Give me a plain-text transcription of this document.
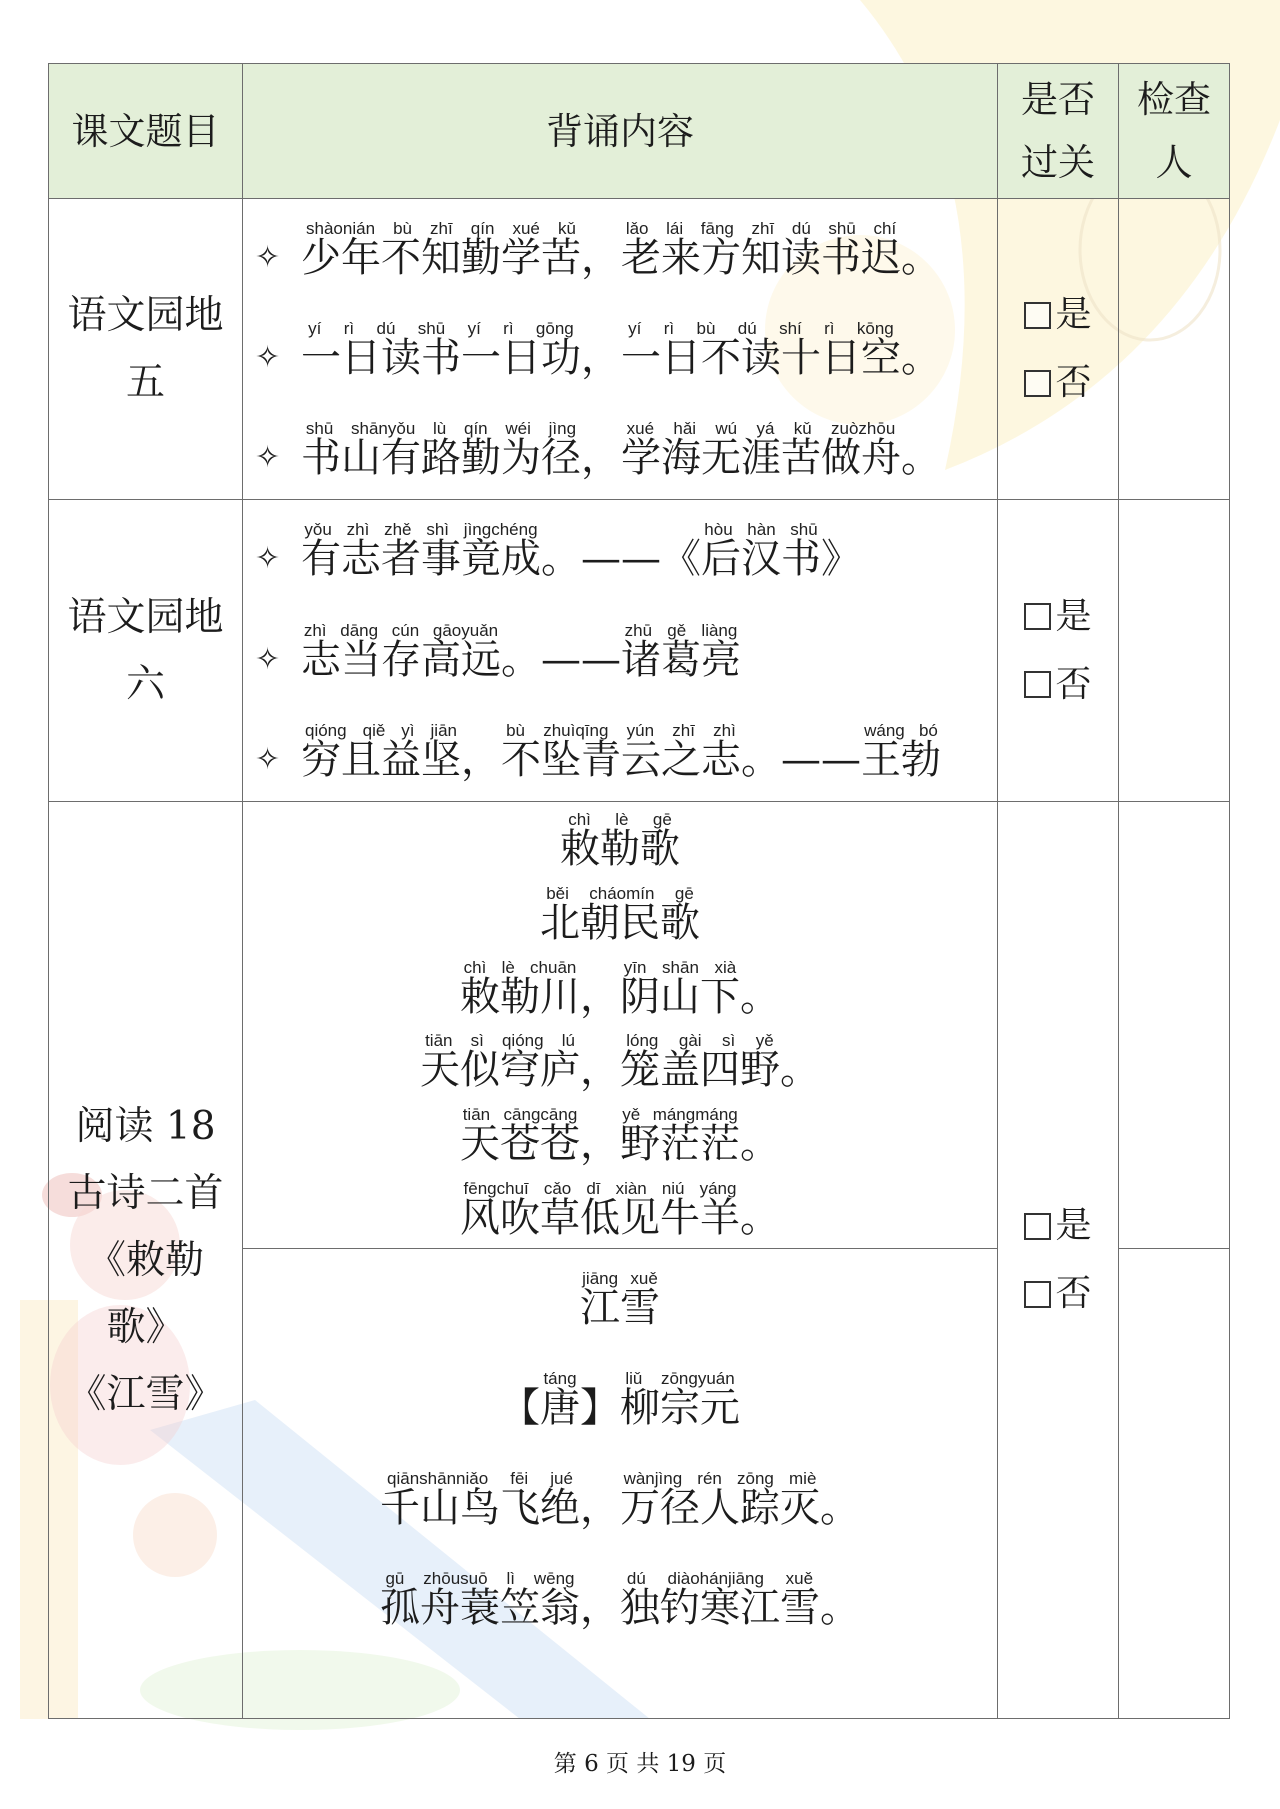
课文题目	背诵内容
是否
过关
检查
人
语文园地
五
✧
shàonián bù zhī qín xué kǔ
少年不知勤学苦 ，
lǎo lái fāng zhī dú shū chí
老来方知读书迟 。
✧
yí rì dú shū yí rì gōng
一日读书一日功 ，
yí rì bù dú shí rì kōng
一日不读十日空 。
✧
shū shānyǒu lù qín wéi jìng
书山有路勤为径 ，
xué hǎi wú yá kǔ zuòzhōu
学海无涯苦做舟 。
是
否
语文园地
六
✧
yǒu zhì zhě shì jìngchéng
有志者事竟成 。——《
hòu hàn shū
后汉书 》
✧
zhì dāng cún gāoyuǎn
志当存高远 。——
zhū gě liàng
诸葛亮
✧
qióng qiě yì jiān
穷且益坚 ，
bù zhuìqīng yún zhī zhì
不坠青云之志 。——
wáng bó
王勃
是
否
阅读 18
古诗二首
《敕勒
歌》
《江雪》
chì lè gē
敕勒歌
běi cháomín gē
北朝民歌
chì lè chuān
敕勒川 ，
yīn shān xià
阴山下 。
tiān sì qióng lú
天似穹庐 ，
lóng gài sì yě
笼盖四野 。
tiān cāngcāng
天苍苍 ，
yě mángmáng
野茫茫 。
fēngchuī cǎo dī xiàn niú yáng
风吹草低见牛羊 。	是
否
jiāng xuě
江雪
【
táng
唐 】
liǔ zōngyuán
柳宗元
qiānshānniǎo fēi jué
千山鸟飞绝 ，
wànjìng rén zōng miè
万径人踪灭 。
gū zhōusuō lì wēng
孤舟蓑笠翁 ，
dú diàohánjiāng xuě
独钓寒江雪 。
第 6 页 共 19 页
